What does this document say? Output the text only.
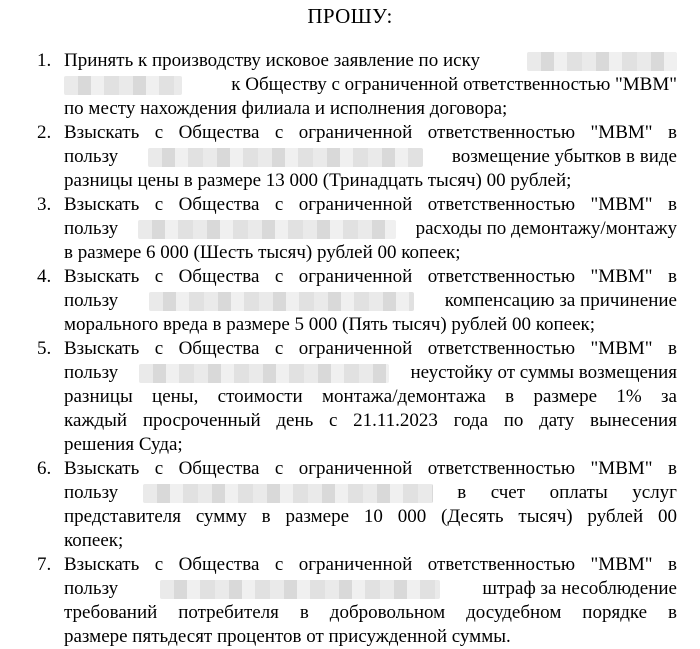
ПРОШУ:
1. Принять к производству исковое заявление по иску
к Обществу с ограниченной ответственностью "МВМ"
по месту нахождения филиала и исполнения договора;
2. Взыскать с Общества с ограниченной ответственностью "МВМ" в
пользу	возмещение убытков в виде
разницы цены в размере 13 000 (Тринадцать тысяч) 00 рублей;
3. Взыскать с Общества с ограниченной ответственностью "МВМ" в
пользу	расходы по демонтажу/монтажу
в размере 6 000 (Шесть тысяч) рублей 00 копеек;
4. Взыскать с Общества с ограниченной ответственностью "МВМ" в
пользу	компенсацию за причинение
морального вреда в размере 5 000 (Пять тысяч) рублей 00 копеек;
5. Взыскать с Общества с ограниченной ответственностью "МВМ" в
пользу	неустойку от суммы возмещения
разницы цены, стоимости монтажа/демонтажа в размере 1% за
каждый просроченный день с 21.11.2023 года по дату вынесения
решения Суда;
6. Взыскать с Общества с ограниченной ответственностью "МВМ" в
пользу	в счет оплаты услуг
представителя сумму в размере 10 000 (Десять тысяч) рублей 00
копеек;
7. Взыскать с Общества с ограниченной ответственностью "МВМ" в
пользу	штраф за несоблюдение
требований потребителя в добровольном досудебном порядке в
размере пятьдесят процентов от присужденной суммы.
